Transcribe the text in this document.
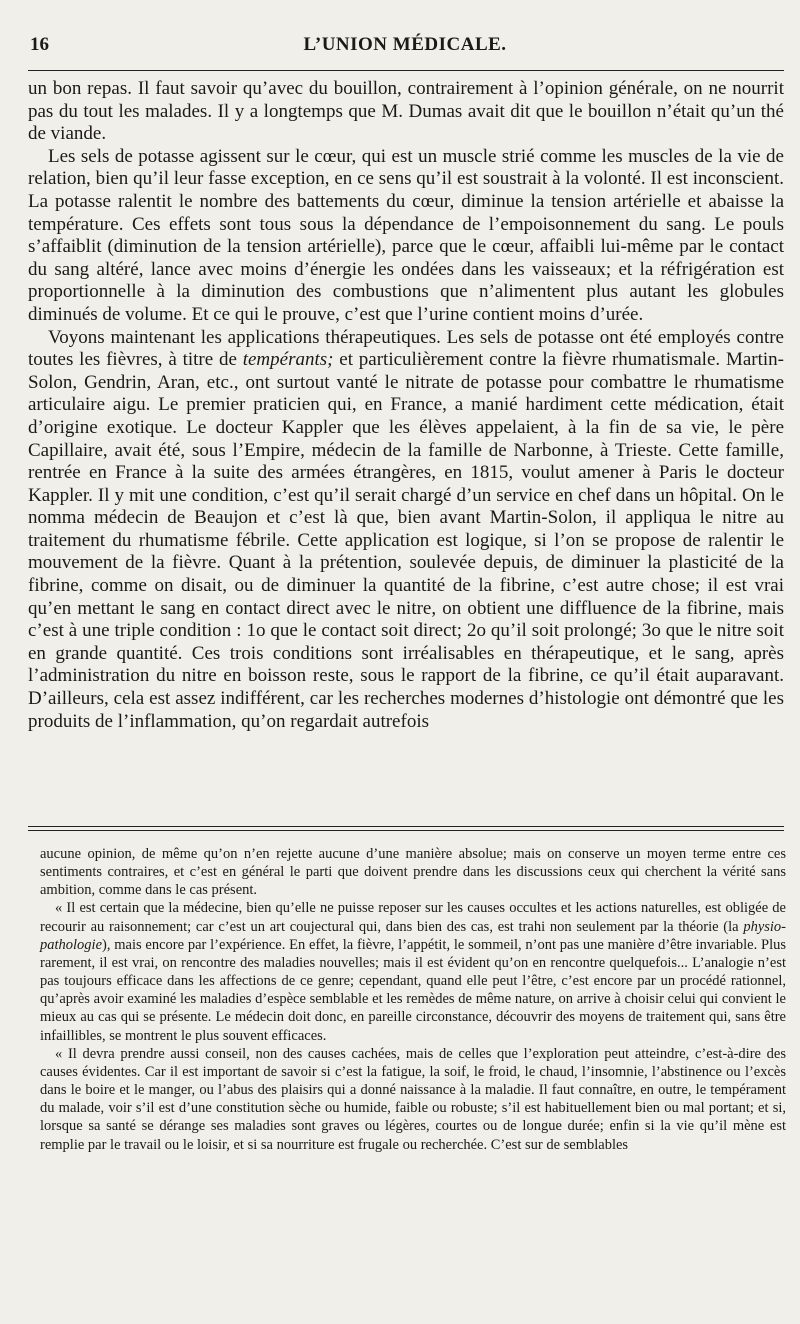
16	L’UNION MÉDICALE.

un bon repas. Il faut savoir qu’avec du bouillon, contrairement à l’opinion générale, on ne nourrit pas du tout les malades. Il y a longtemps que M. Dumas avait dit que le bouillon n’était qu’un thé de viande.

Les sels de potasse agissent sur le cœur, qui est un muscle strié comme les muscles de la vie de relation, bien qu’il leur fasse exception, en ce sens qu’il est soustrait à la volonté. Il est inconscient. La potasse ralentit le nombre des battements du cœur, diminue la tension artérielle et abaisse la température. Ces effets sont tous sous la dépendance de l’empoisonnement du sang. Le pouls s’affaiblit (diminution de la tension artérielle), parce que le cœur, affaibli lui-même par le contact du sang altéré, lance avec moins d’énergie les ondées dans les vaisseaux; et la réfrigération est proportionnelle à la diminution des combustions que n’alimentent plus autant les globules diminués de volume. Et ce qui le prouve, c’est que l’urine contient moins d’urée.

Voyons maintenant les applications thérapeutiques. Les sels de potasse ont été employés contre toutes les fièvres, à titre de tempérants; et particulièrement contre la fièvre rhumatismale. Martin-Solon, Gendrin, Aran, etc., ont surtout vanté le nitrate de potasse pour combattre le rhumatisme articulaire aigu. Le premier praticien qui, en France, a manié hardiment cette médication, était d’origine exotique. Le docteur Kappler que les élèves appelaient, à la fin de sa vie, le père Capillaire, avait été, sous l’Empire, médecin de la famille de Narbonne, à Trieste. Cette famille, rentrée en France à la suite des armées étrangères, en 1815, voulut amener à Paris le docteur Kappler. Il y mit une condition, c’est qu’il serait chargé d’un service en chef dans un hôpital. On le nomma médecin de Beaujon et c’est là que, bien avant Martin-Solon, il appliqua le nitre au traitement du rhumatisme fébrile. Cette application est logique, si l’on se propose de ralentir le mouvement de la fièvre. Quant à la prétention, soulevée depuis, de diminuer la plasticité de la fibrine, comme on disait, ou de diminuer la quantité de la fibrine, c’est autre chose; il est vrai qu’en mettant le sang en contact direct avec le nitre, on obtient une diffluence de la fibrine, mais c’est à une triple condition : 1o que le contact soit direct; 2o qu’il soit prolongé; 3o que le nitre soit en grande quantité. Ces trois conditions sont irréalisables en thérapeutique, et le sang, après l’administration du nitre en boisson reste, sous le rapport de la fibrine, ce qu’il était auparavant. D’ailleurs, cela est assez indifférent, car les recherches modernes d’histologie ont démontré que les produits de l’inflammation, qu’on regardait autrefois

aucune opinion, de même qu’on n’en rejette aucune d’une manière absolue; mais on conserve un moyen terme entre ces sentiments contraires, et c’est en général le parti que doivent prendre dans les discussions ceux qui cherchent la vérité sans ambition, comme dans le cas présent.

« Il est certain que la médecine, bien qu’elle ne puisse reposer sur les causes occultes et les actions naturelles, est obligée de recourir au raisonnement; car c’est un art coujectural qui, dans bien des cas, est trahi non seulement par la théorie (la physio-pathologie), mais encore par l’expérience. En effet, la fièvre, l’appétit, le sommeil, n’ont pas une manière d’être invariable. Plus rarement, il est vrai, on rencontre des maladies nouvelles; mais il est évident qu’on en rencontre quelquefois... L’analogie n’est pas toujours efficace dans les affections de ce genre; cependant, quand elle peut l’être, c’est encore par un procédé rationnel, qu’après avoir examiné les maladies d’espèce semblable et les remèdes de même nature, on arrive à choisir celui qui convient le mieux au cas qui se présente. Le médecin doit donc, en pareille circonstance, découvrir des moyens de traitement qui, sans être infaillibles, se montrent le plus souvent efficaces.

« Il devra prendre aussi conseil, non des causes cachées, mais de celles que l’exploration peut atteindre, c’est-à-dire des causes évidentes. Car il est important de savoir si c’est la fatigue, la soif, le froid, le chaud, l’insomnie, l’abstinence ou l’excès dans le boire et le manger, ou l’abus des plaisirs qui a donné naissance à la maladie. Il faut connaître, en outre, le tempérament du malade, voir s’il est d’une constitution sèche ou humide, faible ou robuste; s’il est habituellement bien ou mal portant; et si, lorsque sa santé se dérange ses maladies sont graves ou légères, courtes ou de longue durée; enfin si la vie qu’il mène est remplie par le travail ou le loisir, et si sa nourriture est frugale ou recherchée. C’est sur de semblables
